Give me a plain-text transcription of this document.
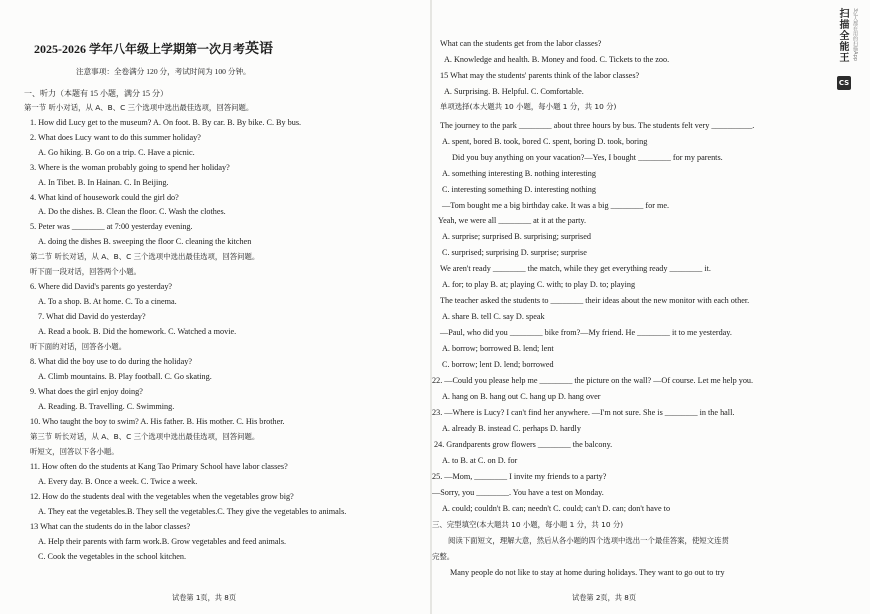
2025-2026 学年八年级上学期第一次月考英语
注意事项：全卷满分 120 分，考试时间为 100 分钟。
一、听力（本题有 15 小题，满分 15 分）
第一节 听小对话，从 A、B、C 三个选项中选出最佳选项，回答问题。
1. How did Lucy get to the museum? A. On foot. B. By car. B. By bike. C. By bus.
2. What does Lucy want to do this summer holiday?
A. Go hiking. B. Go on a trip. C. Have a picnic.
3. Where is the woman probably going to spend her holiday?
A. In Tibet. B. In Hainan. C. In Beijing.
4. What kind of housework could the girl do?
A. Do the dishes. B. Clean the floor. C. Wash the clothes.
5. Peter was ________ at 7:00 yesterday evening.
A. doing the dishes B. sweeping the floor C. cleaning the kitchen
第二节 听长对话，从 A、B、C 三个选项中选出最佳选项，回答问题。
听下面一段对话，回答两个小题。
6. Where did David's parents go yesterday?
A. To a shop. B. At home. C. To a cinema.
7. What did David do yesterday?
A. Read a book. B. Did the homework. C. Watched a movie.
听下面的对话，回答各小题。
8. What did the boy use to do during the holiday?
A. Climb mountains. B. Play football. C. Go skating.
9. What does the girl enjoy doing?
A. Reading. B. Travelling. C. Swimming.
10. Who taught the boy to swim? A. His father. B. His mother. C. His brother.
第三节 听长对话，从 A、B、C 三个选项中选出最佳选项，回答问题。
听短文，回答以下各小题。
11. How often do the students at Kang Tao Primary School have labor classes?
A. Every day. B. Once a week. C. Twice a week.
12. How do the students deal with the vegetables when the vegetables grow big?
A. They eat the vegetables.B. They sell the vegetables.C. They give the vegetables to animals.
13 What can the students do in the labor classes?
A. Help their parents with farm work.B. Grow vegetables and feed animals.
C. Cook the vegetables in the school kitchen.
试卷第 1页，共 8页
What can the students get from the labor classes?
A. Knowledge and health. B. Money and food. C. Tickets to the zoo.
15 What may the students' parents think of the labor classes?
A. Surprising. B. Helpful. C. Comfortable.
单项选择(本大题共 10 小题，每小题 1 分，共 10 分)
The journey to the park ________ about three hours by bus. The students felt very __________.
A. spent, bored B. took, bored C. spent, boring D. took, boring
Did you buy anything on your vacation?—Yes, I bought ________ for my parents.
A. something interesting B. nothing interesting
C. interesting something D. interesting nothing
—Tom bought me a big birthday cake. It was a big ________ for me.
Yeah, we were all ________ at it at the party.
A. surprise; surprised B. surprising; surprised
C. surprised; surprising D. surprise; surprise
We aren't ready ________ the match, while they get everything ready ________ it.
A. for; to play B. at; playing C. with; to play D. to; playing
The teacher asked the students to ________ their ideas about the new monitor with each other.
A. share B. tell C. say D. speak
—Paul, who did you ________ bike from?—My friend. He ________ it to me yesterday.
A. borrow; borrowed B. lend; lent
C. borrow; lent D. lend; borrowed
22. —Could you please help me ________ the picture on the wall? —Of course. Let me help you.
A. hang on B. hang out C. hang up D. hang over
23. —Where is Lucy? I can't find her anywhere. —I'm not sure. She is ________ in the hall.
A. already B. instead C. perhaps D. hardly
24. Grandparents grow flowers ________ the balcony.
A. to B. at C. on D. for
25. —Mom, ________ I invite my friends to a party?
—Sorry, you ________. You have a test on Monday.
A. could; couldn't B. can; needn't C. could; can't D. can; don't have to
三、完型填空(本大题共 10 小题，每小题 1 分，共 10 分)
阅读下面短文，理解大意，然后从各小题的四个选项中选出一个最佳答案，使短文连贯
完整。
Many people do not like to stay at home during holidays. They want to go out to try
试卷第 2页，共 8页
扫描全能王 3亿人都在用的扫描App
CS
